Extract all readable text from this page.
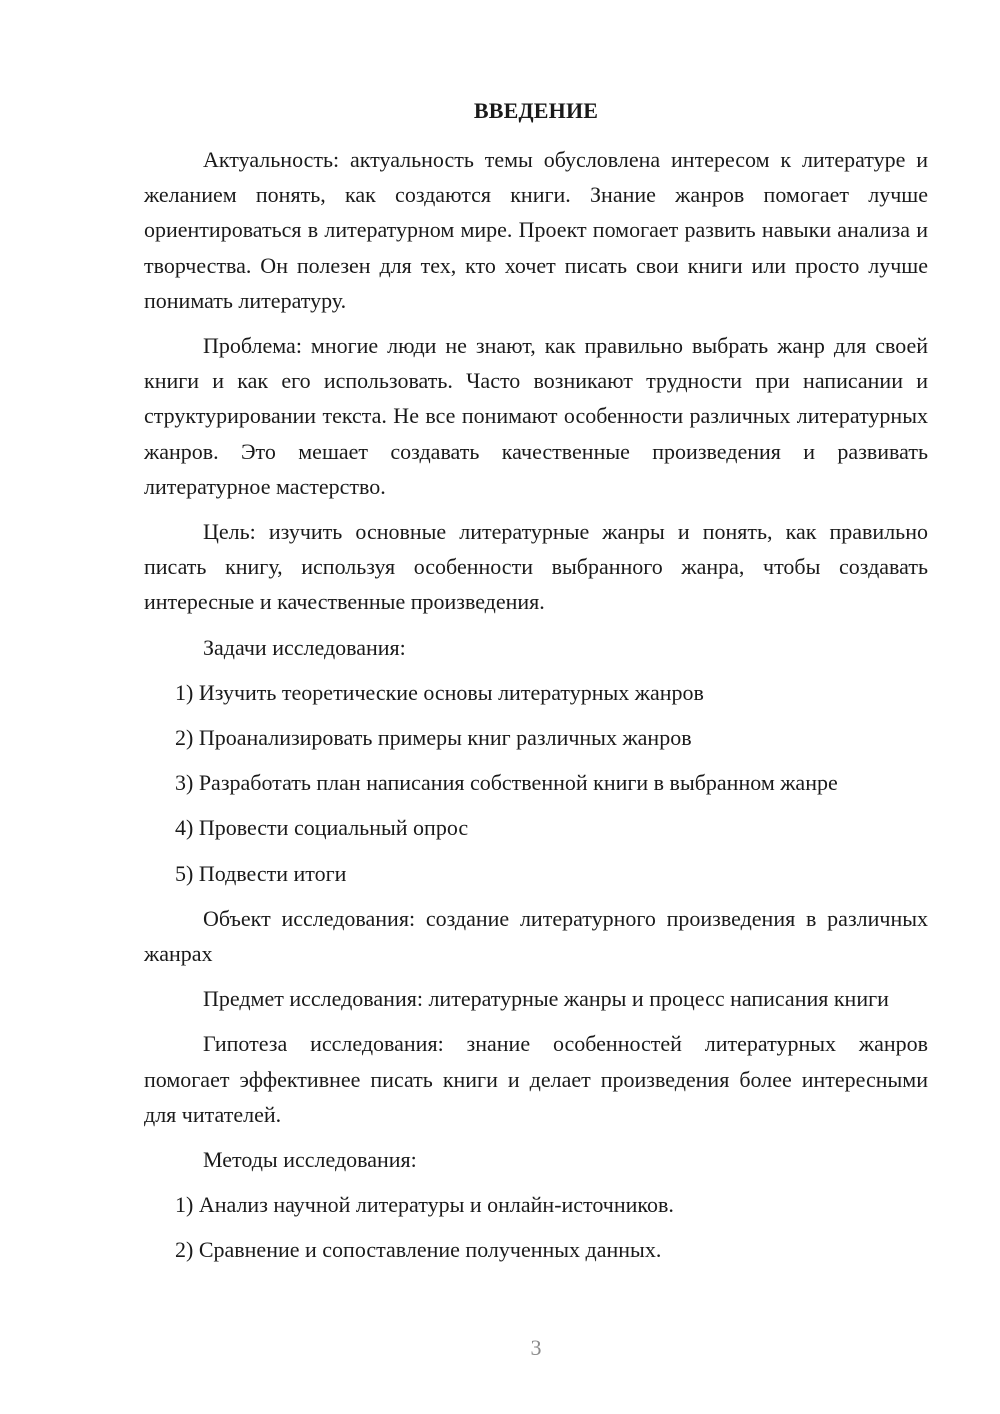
ВВЕДЕНИЕ

Актуальность: актуальность темы обусловлена интересом к литературе и желанием понять, как создаются книги. Знание жанров помогает лучше ориентироваться в литературном мире. Проект помогает развить навыки анализа и творчества. Он полезен для тех, кто хочет писать свои книги или просто лучше понимать литературу.

Проблема: многие люди не знают, как правильно выбрать жанр для своей книги и как его использовать. Часто возникают трудности при написании и структурировании текста. Не все понимают особенности различных литературных жанров. Это мешает создавать качественные произведения и развивать литературное мастерство.

Цель: изучить основные литературные жанры и понять, как правильно писать книгу, используя особенности выбранного жанра, чтобы создавать интересные и качественные произведения.

Задачи исследования:

1) Изучить теоретические основы литературных жанров
2) Проанализировать примеры книг различных жанров
3) Разработать план написания собственной книги в выбранном жанре
4) Провести социальный опрос
5) Подвести итоги

Объект исследования: создание литературного произведения в различных жанрах

Предмет исследования: литературные жанры и процесс написания книги

Гипотеза исследования: знание особенностей литературных жанров помогает эффективнее писать книги и делает произведения более интересными для читателей.

Методы исследования:

1) Анализ научной литературы и онлайн-источников.
2) Сравнение и сопоставление полученных данных.
3
